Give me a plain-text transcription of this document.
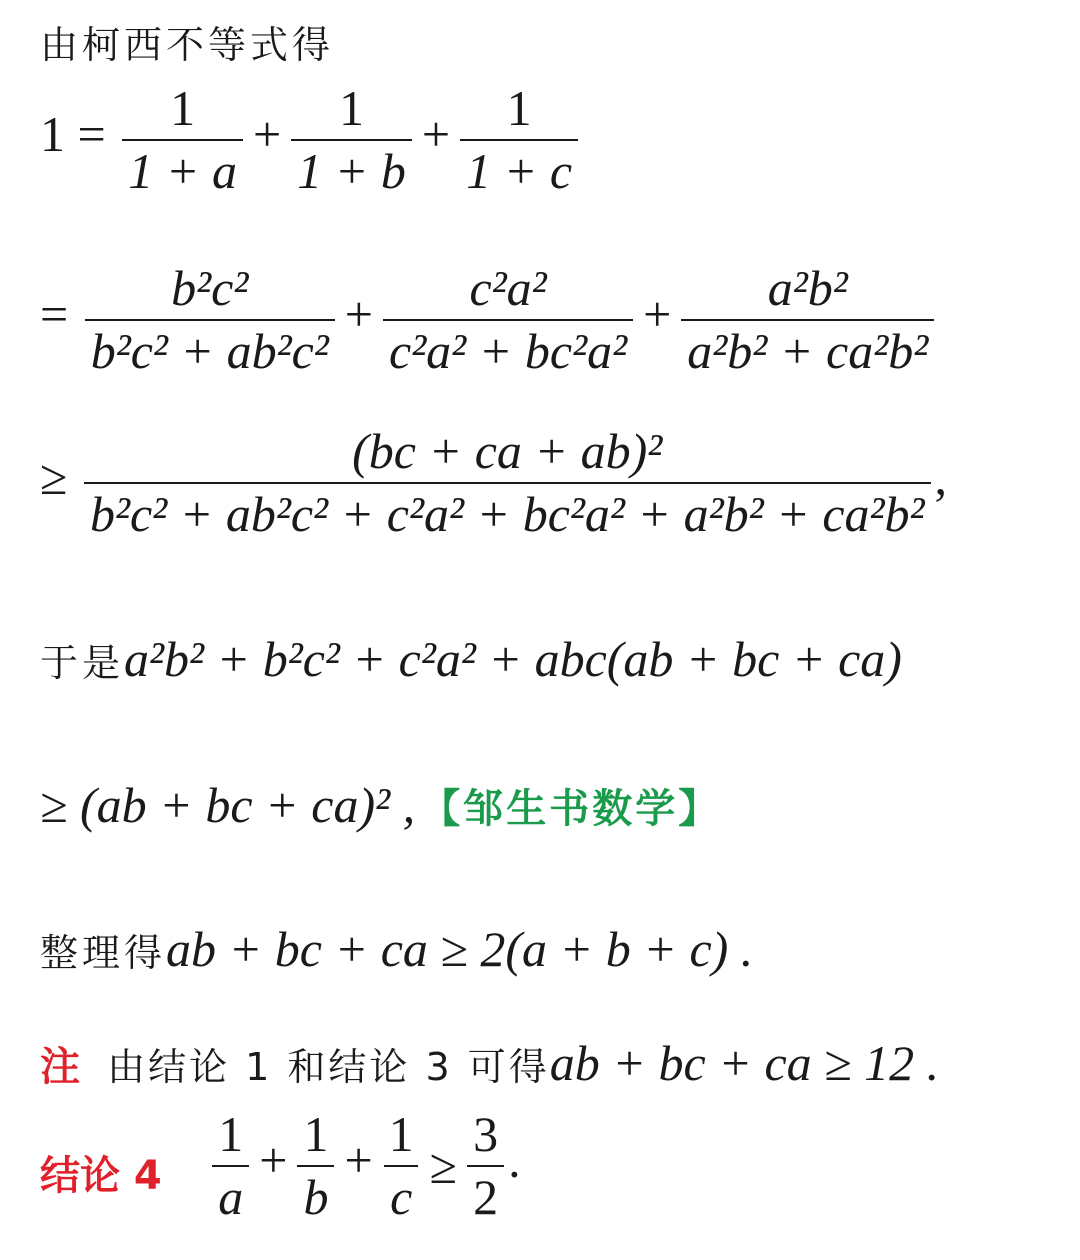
由柯西不等式得
$1 = \frac{1}{1 + a} + \frac{1}{1 + b} + \frac{1}{1 + c}$
= $\frac{\text{b²c²}}{\text{b²c² + ab²c²}} + \frac{\text{c²a²}}{\text{c²a² + bc²a²}} + \frac{\text{a²b²}}{\text{a²b² + ca²b²}}$
≥ $\frac{\text{(bc + ca + ab)²}}{\text{b²c² + ab²c² + c²a² + bc²a² + a²b² + ca²b²}}$ ,
于是a²b² + b²c² + c²a² + abc(ab + bc + ca)
≥ (ab + bc + ca)² , 【邹生书数学】
整理得ab + bc + ca ≥ 2(a + b + c) .
注 由结论 1 和结论 3 可得ab + bc + ca ≥ 12 .
结论 $4 \frac{1}{a} + \frac{1}{b} + \frac{1}{c} \ge \frac{3}{2}$ .
